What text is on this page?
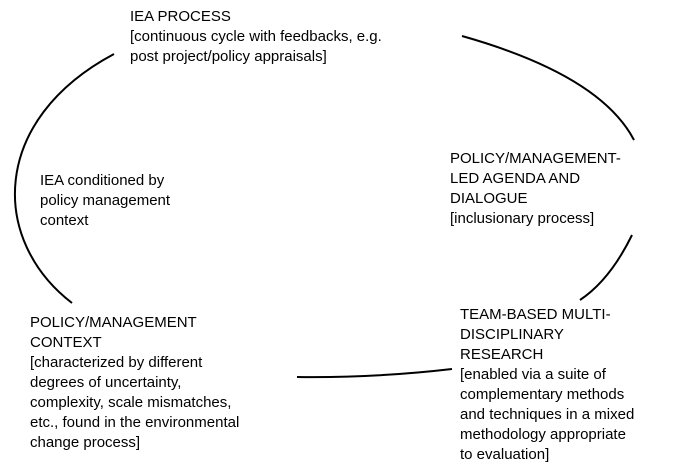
IEA PROCESS
[continuous cycle with feedbacks, e.g.
post project/policy appraisals]
POLICY/MANAGEMENT-
LED AGENDA AND
DIALOGUE
[inclusionary process]
TEAM-BASED MULTI-
DISCIPLINARY
RESEARCH
[enabled via a suite of
complementary methods
and techniques in a mixed
methodology appropriate
to evaluation]
POLICY/MANAGEMENT
CONTEXT
[characterized by different
degrees of uncertainty,
complexity, scale mismatches,
etc., found in the environmental
change process]
IEA conditioned by
policy management
context
